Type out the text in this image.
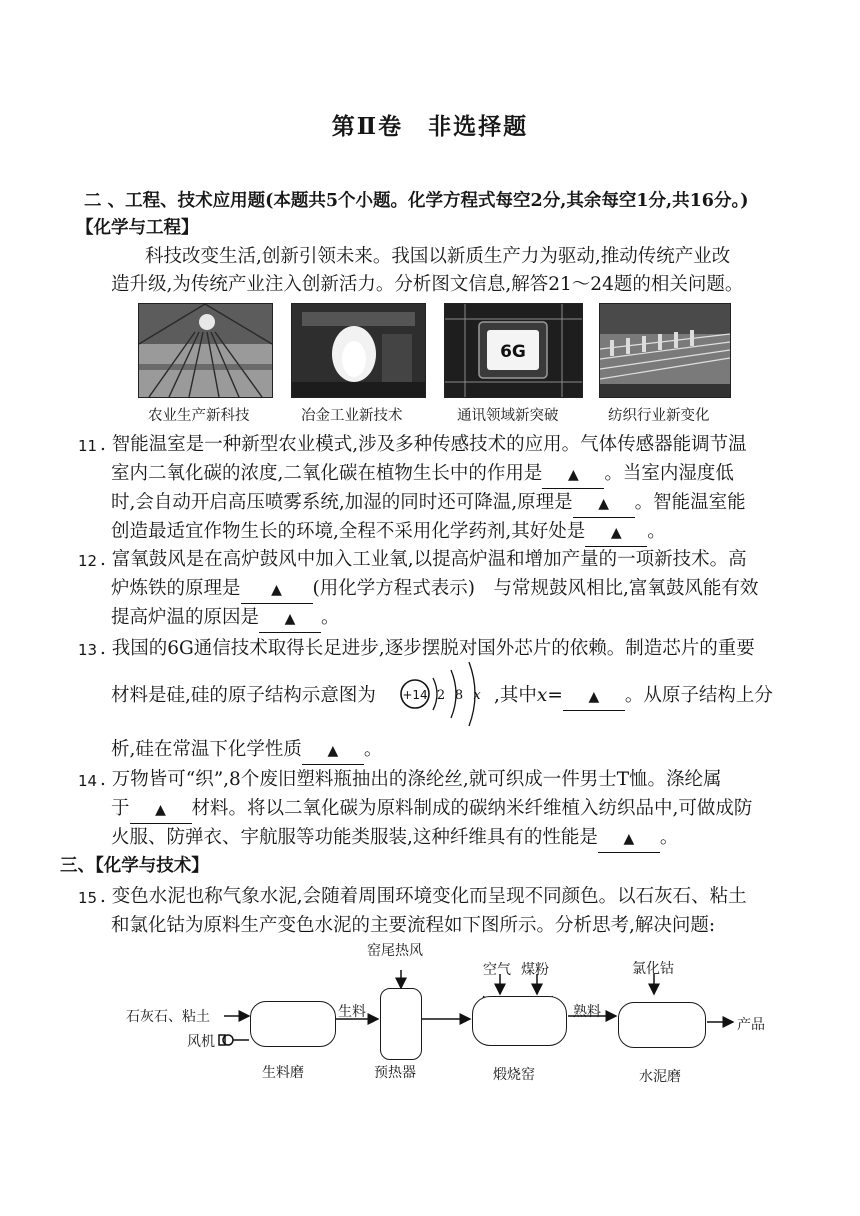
第Ⅱ卷　非选择题
二 、工程、技术应用题(本题共5个小题。化学方程式每空2分,其余每空1分,共16分。)
【化学与工程】
科技改变生活,创新引领未来。我国以新质生产力为驱动,推动传统产业改
造升级,为传统产业注入创新活力。分析图文信息,解答21～24题的相关问题。
农业生产新科技	冶金工业新技术
6G
通讯领域新突破	纺织行业新变化
11 . 智能温室是一种新型农业模式,涉及多种传感技术的应用。气体传感器能调节温
室内二氧化碳的浓度,二氧化碳在植物生长中的作用是 ▲ 。当室内湿度低
时,会自动开启高压喷雾系统,加湿的同时还可降温,原理是 ▲ 。智能温室能
创造最适宜作物生长的环境,全程不采用化学药剂,其好处是 ▲ 。
12 . 富氧鼓风是在高炉鼓风中加入工业氧,以提高炉温和增加产量的一项新技术。高
炉炼铁的原理是 ▲ (用化学方程式表示)　与常规鼓风相比,富氧鼓风能有效
提高炉温的原因是 ▲ 。
13 . 我国的6G通信技术取得长足进步,逐步摆脱对国外芯片的依赖。制造芯片的重要
材料是硅,硅的原子结构示意图为 +14 2 8 x ,其中x= ▲ 。从原子结构上分
析,硅在常温下化学性质 ▲ 。
14 . 万物皆可“织”,8个废旧塑料瓶抽出的涤纶丝,就可织成一件男士T恤。涤纶属
于 ▲ 材料。将以二氧化碳为原料制成的碳纳米纤维植入纺织品中,可做成防
火服、防弹衣、宇航服等功能类服装,这种纤维具有的性能是 ▲ 。
三、【化学与技术】
15 . 变色水泥也称气象水泥,会随着周围环境变化而呈现不同颜色。以石灰石、粘土
和氯化钴为原料生产变色水泥的主要流程如下图所示。分析思考,解决问题:
石灰石、粘土
风机
生料磨
生料
窑尾热风
预热器
空气 煤粉
煅烧窑
熟料
氯化钴
水泥磨
产品
